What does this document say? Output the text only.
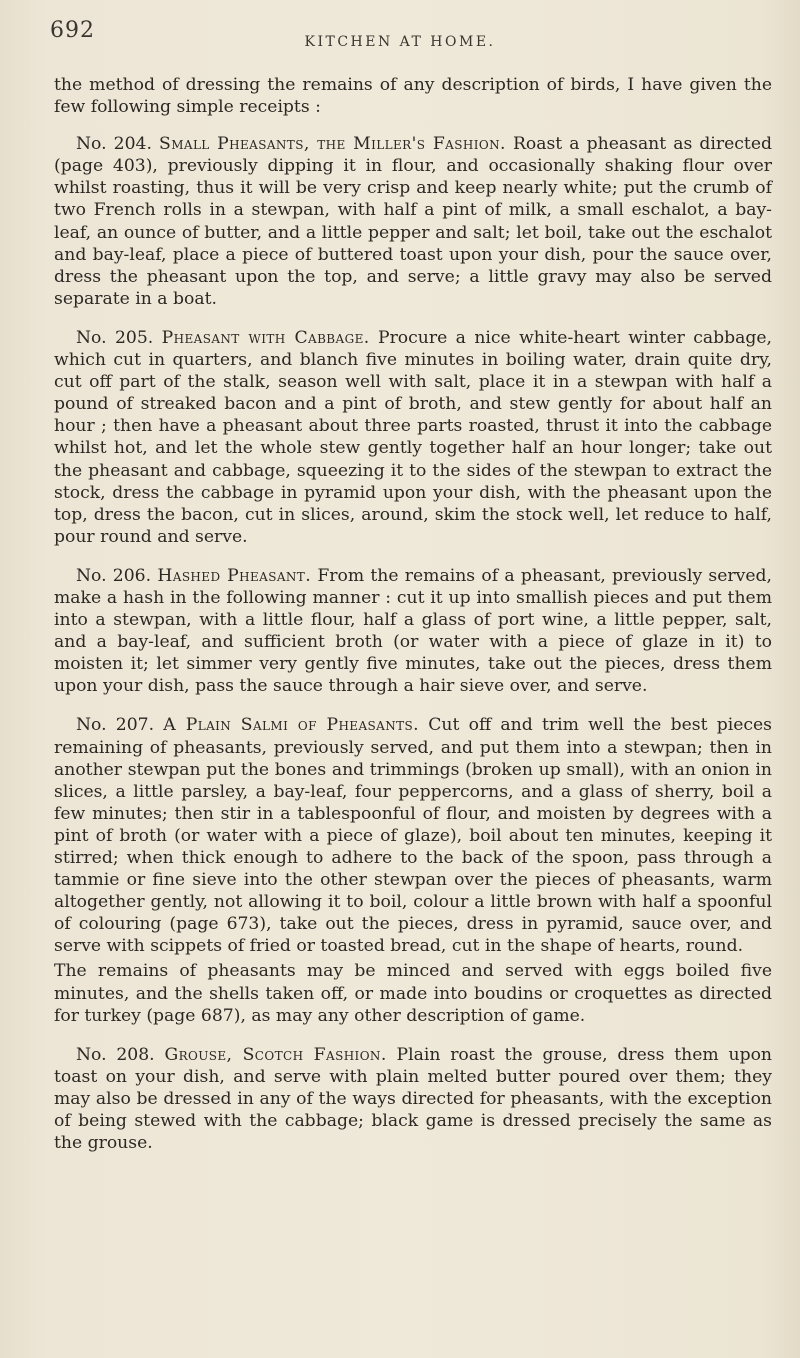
692	KITCHEN AT HOME.

the method of dressing the remains of any description of birds, I have given the few following simple receipts :

No. 204. Small Pheasants, the Miller's Fashion. Roast a pheasant as directed (page 403), previously dipping it in flour, and occasionally shaking flour over whilst roasting, thus it will be very crisp and keep nearly white; put the crumb of two French rolls in a stewpan, with half a pint of milk, a small eschalot, a bay-leaf, an ounce of butter, and a little pepper and salt; let boil, take out the eschalot and bay-leaf, place a piece of buttered toast upon your dish, pour the sauce over, dress the pheasant upon the top, and serve; a little gravy may also be served separate in a boat.

No. 205. Pheasant with Cabbage. Procure a nice white-heart winter cabbage, which cut in quarters, and blanch five minutes in boiling water, drain quite dry, cut off part of the stalk, season well with salt, place it in a stewpan with half a pound of streaked bacon and a pint of broth, and stew gently for about half an hour ; then have a pheasant about three parts roasted, thrust it into the cabbage whilst hot, and let the whole stew gently together half an hour longer; take out the pheasant and cabbage, squeezing it to the sides of the stewpan to extract the stock, dress the cabbage in pyramid upon your dish, with the pheasant upon the top, dress the bacon, cut in slices, around, skim the stock well, let reduce to half, pour round and serve.

No. 206. Hashed Pheasant. From the remains of a pheasant, previously served, make a hash in the following manner : cut it up into smallish pieces and put them into a stewpan, with a little flour, half a glass of port wine, a little pepper, salt, and a bay-leaf, and sufficient broth (or water with a piece of glaze in it) to moisten it; let simmer very gently five minutes, take out the pieces, dress them upon your dish, pass the sauce through a hair sieve over, and serve.

No. 207. A Plain Salmi of Pheasants. Cut off and trim well the best pieces remaining of pheasants, previously served, and put them into a stewpan; then in another stewpan put the bones and trimmings (broken up small), with an onion in slices, a little parsley, a bay-leaf, four peppercorns, and a glass of sherry, boil a few minutes; then stir in a tablespoonful of flour, and moisten by degrees with a pint of broth (or water with a piece of glaze), boil about ten minutes, keeping it stirred; when thick enough to adhere to the back of the spoon, pass through a tammie or fine sieve into the other stewpan over the pieces of pheasants, warm altogether gently, not allowing it to boil, colour a little brown with half a spoonful of colouring (page 673), take out the pieces, dress in pyramid, sauce over, and serve with scippets of fried or toasted bread, cut in the shape of hearts, round.

The remains of pheasants may be minced and served with eggs boiled five minutes, and the shells taken off, or made into boudins or croquettes as directed for turkey (page 687), as may any other description of game.

No. 208. Grouse, Scotch Fashion. Plain roast the grouse, dress them upon toast on your dish, and serve with plain melted butter poured over them; they may also be dressed in any of the ways directed for pheasants, with the exception of being stewed with the cabbage; black game is dressed precisely the same as the grouse.
